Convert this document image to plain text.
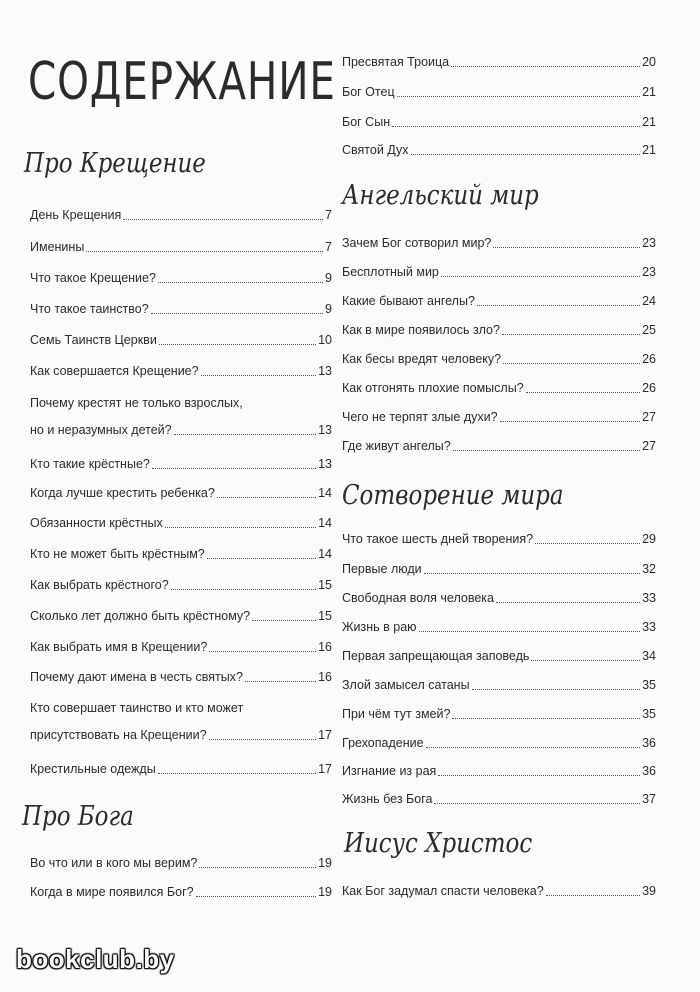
СОДЕРЖАНИЕ
Про Крещение
День Крещения	7
Именины	7
Что такое Крещение?	9
Что такое таинство?	9
Семь Таинств Церкви	10
Как совершается Крещение?	13
Почему крестят не только взрослых,
но и неразумных детей?	13
Кто такие крёстные?	13
Когда лучше крестить ребенка?	14
Обязанности крёстных	14
Кто не может быть крёстным?	14
Как выбрать крёстного?	15
Сколько лет должно быть крёстному?	15
Как выбрать имя в Крещении?	16
Почему дают имена в честь святых?	16
Кто совершает таинство и кто может
присутствовать на Крещении?	17
Крестильные одежды	17
Про Бога
Во что или в кого мы верим?	19
Когда в мире появился Бог?	19
Пресвятая Троица	20
Бог Отец	21
Бог Сын	21
Святой Дух	21
Ангельский мир
Зачем Бог сотворил мир?	23
Бесплотный мир	23
Какие бывают ангелы?	24
Как в мире появилось зло?	25
Как бесы вредят человеку?	26
Как отгонять плохие помыслы?	26
Чего не терпят злые духи?	27
Где живут ангелы?	27
Сотворение мира
Что такое шесть дней творения?	29
Первые люди	32
Свободная воля человека	33
Жизнь в раю	33
Первая запрещающая заповедь	34
Злой замысел сатаны	35
При чём тут змей?	35
Грехопадение	36
Изгнание из рая	36
Жизнь без Бога	37
Иисус Христос
Как Бог задумал спасти человека?	39
bookclub.by
